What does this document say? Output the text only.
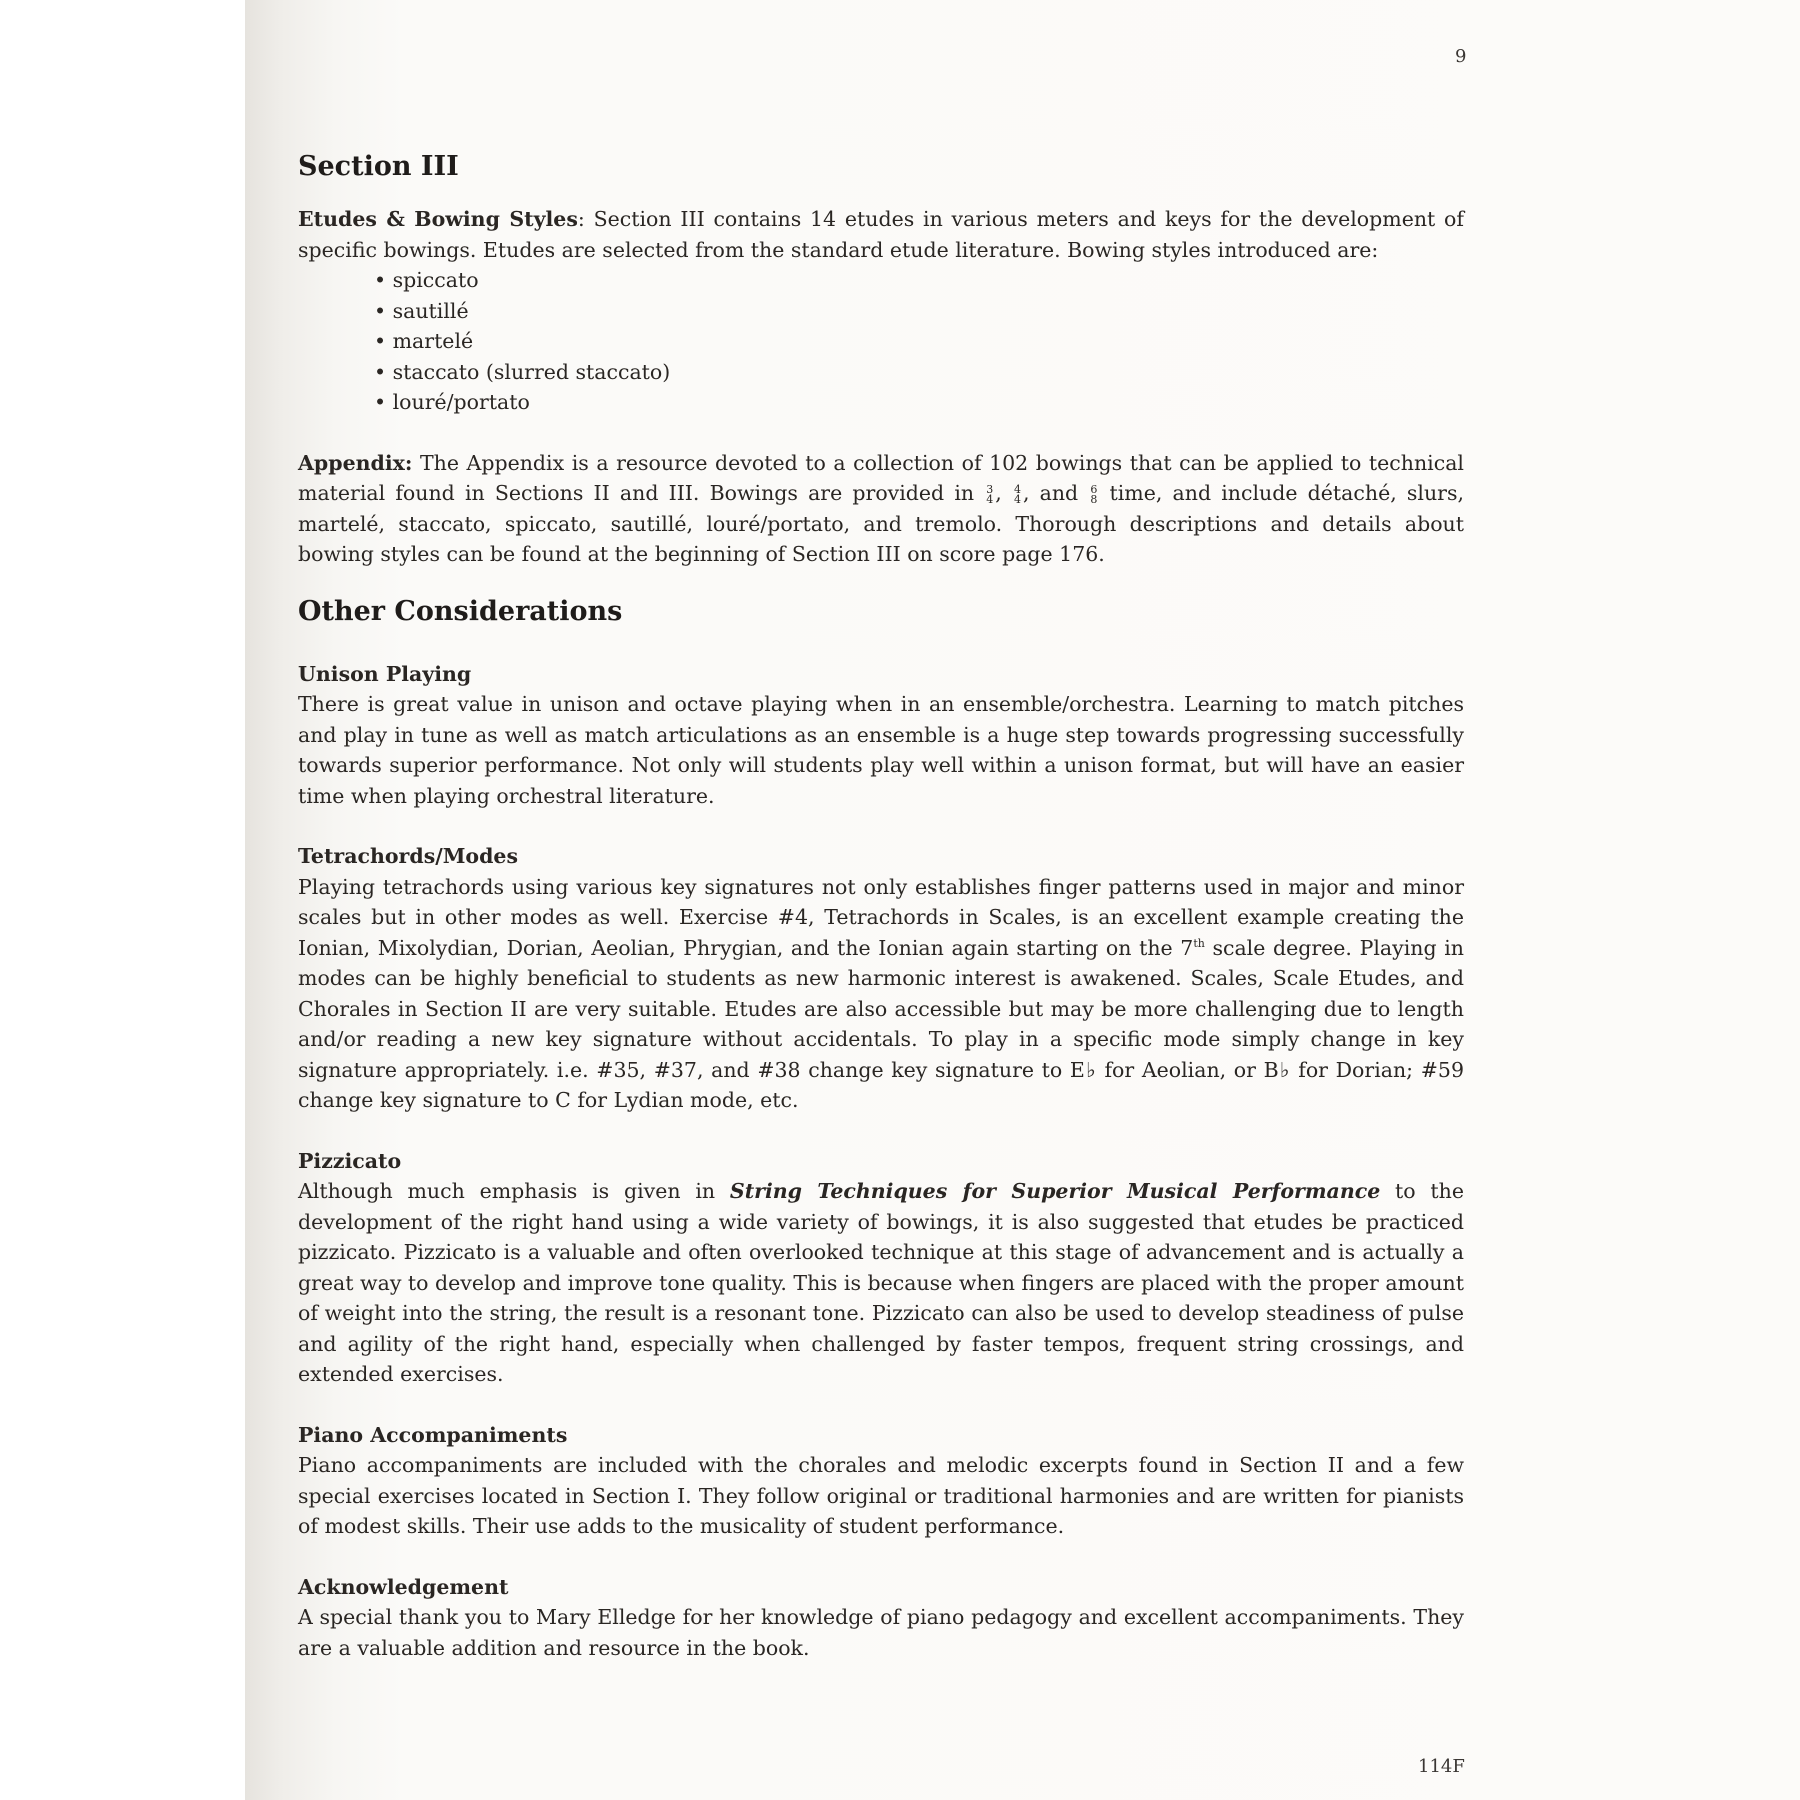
9
Section III

Etudes & Bowing Styles: Section III contains 14 etudes in various meters and keys for the development of specific bowings. Etudes are selected from the standard etude literature. Bowing styles introduced are:

• spiccato
• sautillé
• martelé
• staccato (slurred staccato)
• louré/portato

Appendix: The Appendix is a resource devoted to a collection of 102 bowings that can be applied to technical material found in Sections II and III. Bowings are provided in 3
4 , 4
4 , and 6
8 time, and include détaché, slurs, martelé, staccato, spiccato, sautillé, louré/portato, and tremolo. Thorough descriptions and details about bowing styles can be found at the beginning of Section III on score page 176.

Other Considerations
Unison Playing

There is great value in unison and octave playing when in an ensemble/orchestra. Learning to match pitches and play in tune as well as match articulations as an ensemble is a huge step towards progressing successfully towards superior performance. Not only will students play well within a unison format, but will have an easier time when playing orchestral literature.

Tetrachords/Modes

Playing tetrachords using various key signatures not only establishes finger patterns used in major and minor scales but in other modes as well. Exercise #4, Tetrachords in Scales, is an excellent example creating the Ionian, Mixolydian, Dorian, Aeolian, Phrygian, and the Ionian again starting on the 7th scale degree. Playing in modes can be highly beneficial to students as new harmonic interest is awakened. Scales, Scale Etudes, and Chorales in Section II are very suitable. Etudes are also accessible but may be more challenging due to length and/or reading a new key signature without accidentals. To play in a specific mode simply change in key signature appropriately. i.e. #35, #37, and #38 change key signature to E♭ for Aeolian, or B♭ for Dorian; #59 change key signature to C for Lydian mode, etc.

Pizzicato

Although much emphasis is given in String Techniques for Superior Musical Performance to the development of the right hand using a wide variety of bowings, it is also suggested that etudes be practiced pizzicato. Pizzicato is a valuable and often overlooked technique at this stage of advancement and is actually a great way to develop and improve tone quality. This is because when fingers are placed with the proper amount of weight into the string, the result is a resonant tone. Pizzicato can also be used to develop steadiness of pulse and agility of the right hand, especially when challenged by faster tempos, frequent string crossings, and extended exercises.

Piano Accompaniments

Piano accompaniments are included with the chorales and melodic excerpts found in Section II and a few special exercises located in Section I. They follow original or traditional harmonies and are written for pianists of modest skills. Their use adds to the musicality of student performance.

Acknowledgement

A special thank you to Mary Elledge for her knowledge of piano pedagogy and excellent accompaniments. They are a valuable addition and resource in the book.

114F
